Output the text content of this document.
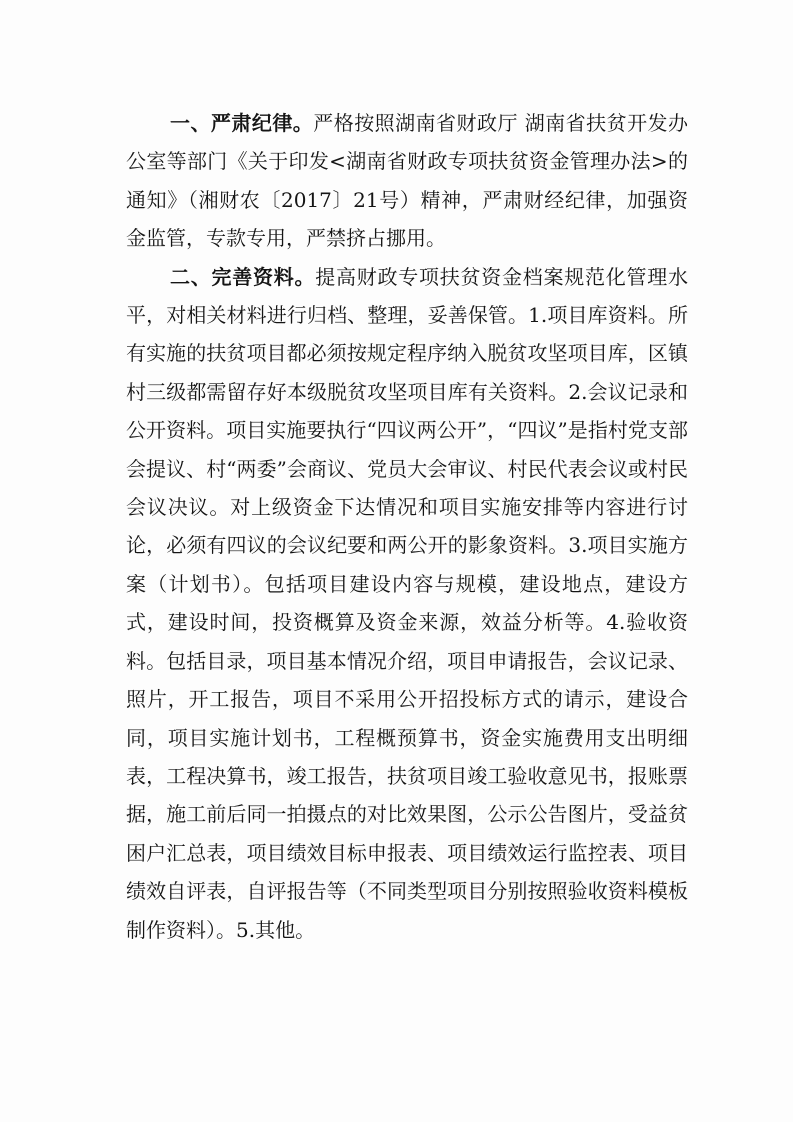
一、严肃纪律。严格按照湖南省财政厅 湖南省扶贫开发办公室等部门《关于印发<湖南省财政专项扶贫资金管理办法>的通知》（湘财农〔2017〕21号）精神，严肃财经纪律，加强资金监管，专款专用，严禁挤占挪用。

二、完善资料。提高财政专项扶贫资金档案规范化管理水平，对相关材料进行归档、整理，妥善保管。1.项目库资料。所有实施的扶贫项目都必须按规定程序纳入脱贫攻坚项目库，区镇村三级都需留存好本级脱贫攻坚项目库有关资料。2.会议记录和公开资料。项目实施要执行“四议两公开”，“四议”是指村党支部会提议、村“两委”会商议、党员大会审议、村民代表会议或村民会议决议。对上级资金下达情况和项目实施安排等内容进行讨论，必须有四议的会议纪要和两公开的影象资料。3.项目实施方案（计划书）。包括项目建设内容与规模，建设地点，建设方式，建设时间，投资概算及资金来源，效益分析等。4.验收资料。包括目录，项目基本情况介绍，项目申请报告，会议记录、照片，开工报告，项目不采用公开招投标方式的请示，建设合同，项目实施计划书，工程概预算书，资金实施费用支出明细表，工程决算书，竣工报告，扶贫项目竣工验收意见书，报账票据，施工前后同一拍摄点的对比效果图，公示公告图片，受益贫困户汇总表，项目绩效目标申报表、项目绩效运行监控表、项目绩效自评表，自评报告等（不同类型项目分别按照验收资料模板制作资料）。5.其他。
